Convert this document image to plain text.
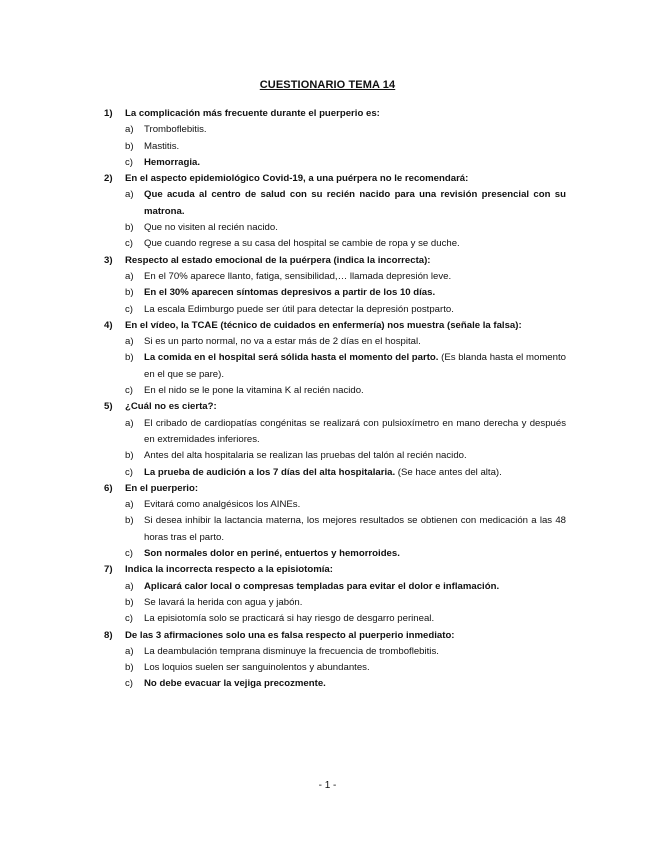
CUESTIONARIO TEMA 14
1) La complicación más frecuente durante el puerperio es:
a) Tromboflebitis.
b) Mastitis.
c) Hemorragia.
2) En el aspecto epidemiológico Covid-19, a una puérpera no le recomendará:
a) Que acuda al centro de salud con su recién nacido para una revisión presencial con su matrona.
b) Que no visiten al recién nacido.
c) Que cuando regrese a su casa del hospital se cambie de ropa y se duche.
3) Respecto al estado emocional de la puérpera (indica la incorrecta):
a) En el 70% aparece llanto, fatiga, sensibilidad,… llamada depresión leve.
b) En el 30% aparecen síntomas depresivos a partir de los 10 días.
c) La escala Edimburgo puede ser útil para detectar la depresión postparto.
4) En el vídeo, la TCAE (técnico de cuidados en enfermería) nos muestra (señale la falsa):
a) Si es un parto normal, no va a estar más de 2 días en el hospital.
b) La comida en el hospital será sólida hasta el momento del parto. (Es blanda hasta el momento en el que se pare).
c) En el nido se le pone la vitamina K al recién nacido.
5) ¿Cuál no es cierta?:
a) El cribado de cardiopatías congénitas se realizará con pulsioxímetro en mano derecha y después en extremidades inferiores.
b) Antes del alta hospitalaria se realizan las pruebas del talón al recién nacido.
c) La prueba de audición a los 7 días del alta hospitalaria. (Se hace antes del alta).
6) En el puerperio:
a) Evitará como analgésicos los AINEs.
b) Si desea inhibir la lactancia materna, los mejores resultados se obtienen con medicación a las 48 horas tras el parto.
c) Son normales dolor en periné, entuertos y hemorroides.
7) Indica la incorrecta respecto a la episiotomía:
a) Aplicará calor local o compresas templadas para evitar el dolor e inflamación.
b) Se lavará la herida con agua y jabón.
c) La episiotomía solo se practicará si hay riesgo de desgarro perineal.
8) De las 3 afirmaciones solo una es falsa respecto al puerperio inmediato:
a) La deambulación temprana disminuye la frecuencia de tromboflebitis.
b) Los loquios suelen ser sanguinolentos y abundantes.
c) No debe evacuar la vejiga precozmente.
- 1 -
